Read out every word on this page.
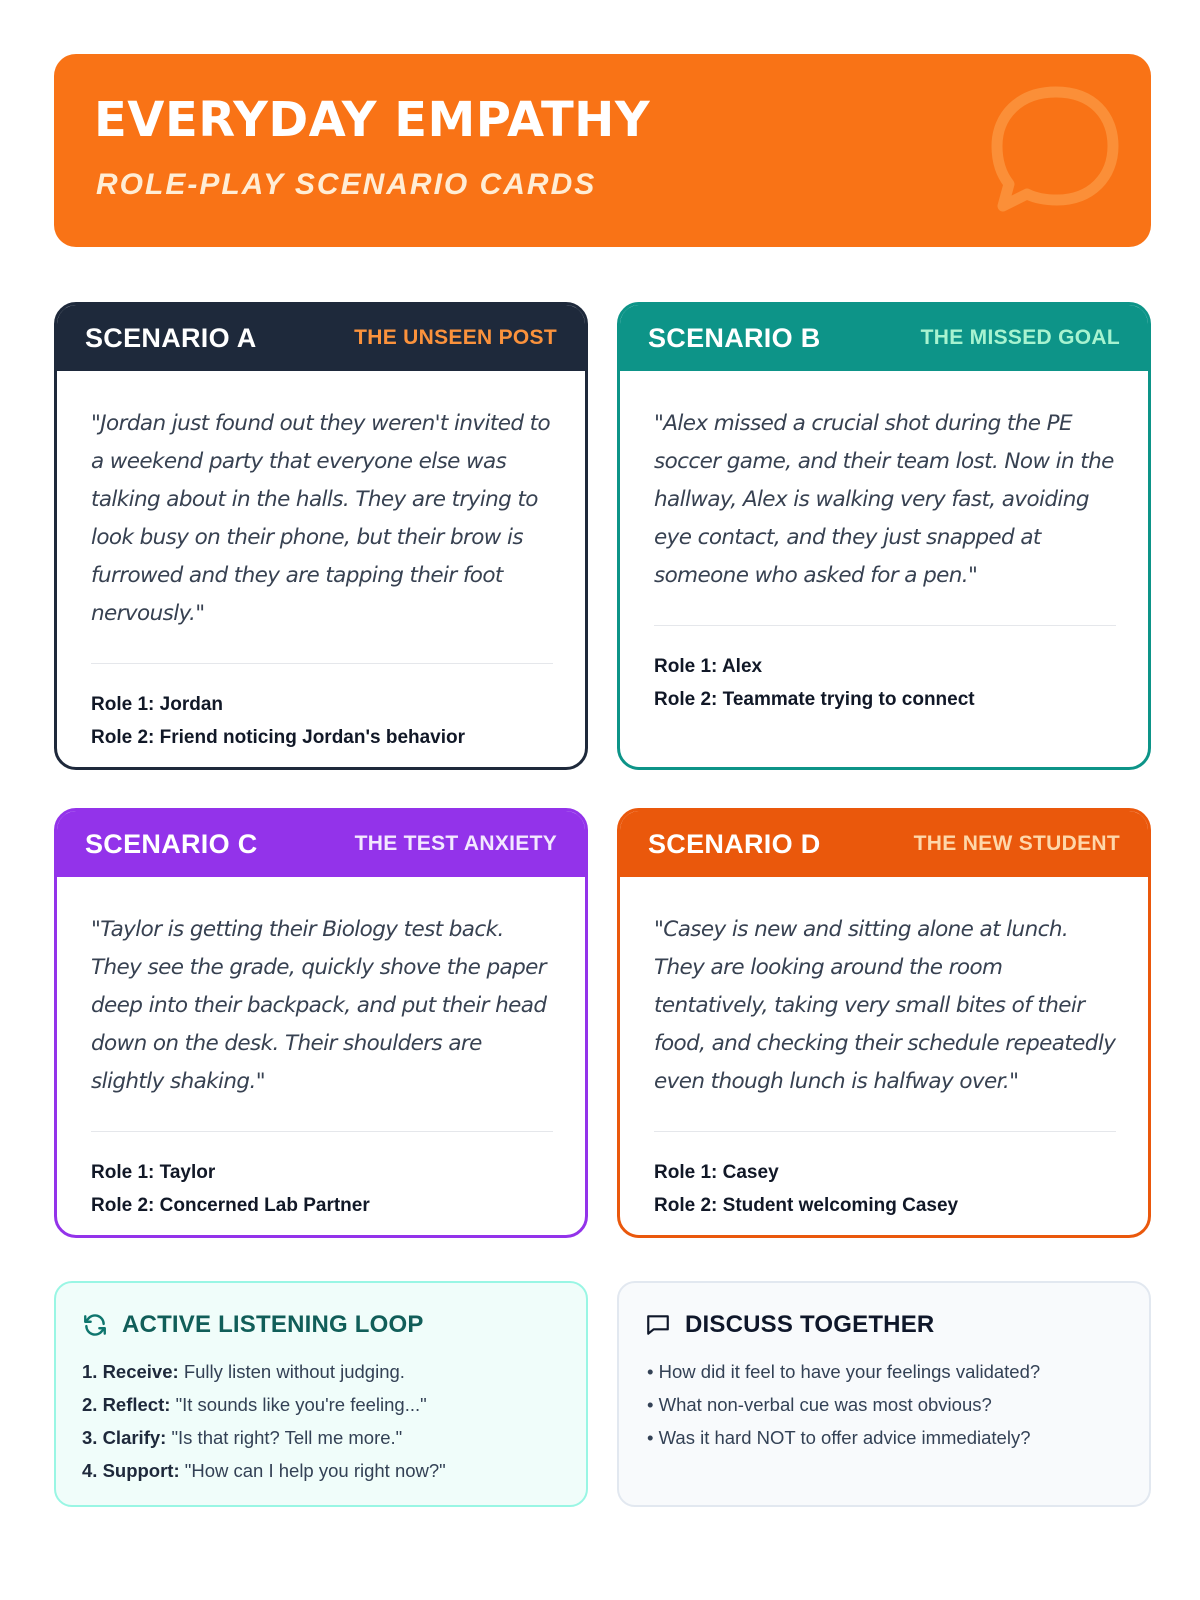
EVERYDAY EMPATHY
ROLE-PLAY SCENARIO CARDS
SCENARIO A	THE UNSEEN POST

"Jordan just found out they weren't invited to a weekend party that everyone else was talking about in the halls. They are trying to look busy on their phone, but their brow is furrowed and they are tapping their foot nervously."

Role 1: Jordan
Role 2: Friend noticing Jordan's behavior
SCENARIO B	THE MISSED GOAL

"Alex missed a crucial shot during the PE soccer game, and their team lost. Now in the hallway, Alex is walking very fast, avoiding eye contact, and they just snapped at someone who asked for a pen."

Role 1: Alex
Role 2: Teammate trying to connect
SCENARIO C	THE TEST ANXIETY

"Taylor is getting their Biology test back. They see the grade, quickly shove the paper deep into their backpack, and put their head down on the desk. Their shoulders are slightly shaking."

Role 1: Taylor
Role 2: Concerned Lab Partner
SCENARIO D	THE NEW STUDENT

"Casey is new and sitting alone at lunch. They are looking around the room tentatively, taking very small bites of their food, and checking their schedule repeatedly even though lunch is halfway over."

Role 1: Casey
Role 2: Student welcoming Casey
ACTIVE LISTENING LOOP
1. Receive: Fully listen without judging.
2. Reflect: "It sounds like you're feeling..."
3. Clarify: "Is that right? Tell me more."
4. Support: "How can I help you right now?"
DISCUSS TOGETHER
• How did it feel to have your feelings validated?
• What non-verbal cue was most obvious?
• Was it hard NOT to offer advice immediately?
